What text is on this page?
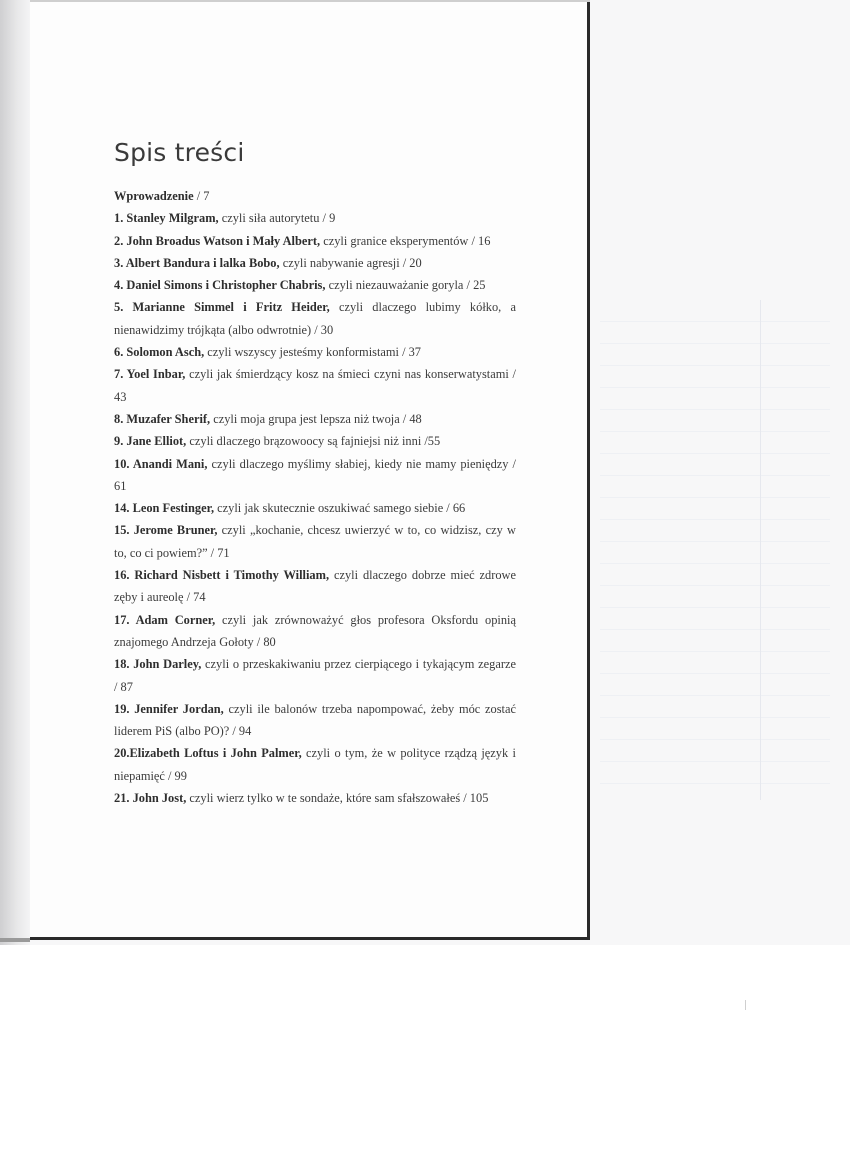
Spis treści
Wprowadzenie / 7
1. Stanley Milgram, czyli siła autorytetu / 9
2. John Broadus Watson i Mały Albert, czyli granice eksperymentów / 16
3. Albert Bandura i lalka Bobo, czyli nabywanie agresji / 20
4. Daniel Simons i Christopher Chabris, czyli niezauważanie goryla / 25
5. Marianne Simmel i Fritz Heider, czyli dlaczego lubimy kółko, a nienawidzimy trójkąta (albo odwrotnie) / 30
6. Solomon Asch, czyli wszyscy jesteśmy konformistami / 37
7. Yoel Inbar, czyli jak śmierdzący kosz na śmieci czyni nas konserwatystami / 43
8. Muzafer Sherif, czyli moja grupa jest lepsza niż twoja / 48
9. Jane Elliot, czyli dlaczego brązowoocy są fajniejsi niż inni /55
10. Anandi Mani, czyli dlaczego myślimy słabiej, kiedy nie mamy pieniędzy / 61
14. Leon Festinger, czyli jak skutecznie oszukiwać samego siebie / 66
15. Jerome Bruner, czyli „kochanie, chcesz uwierzyć w to, co widzisz, czy w to, co ci powiem?” / 71
16. Richard Nisbett i Timothy William, czyli dlaczego dobrze mieć zdrowe zęby i aureolę / 74
17. Adam Corner, czyli jak zrównoważyć głos profesora Oksfordu opinią znajomego Andrzeja Gołoty / 80
18. John Darley, czyli o przeskakiwaniu przez cierpiącego i tykającym zegarze / 87
19. Jennifer Jordan, czyli ile balonów trzeba napompować, żeby móc zostać liderem PiS (albo PO)? / 94
20.Elizabeth Loftus i John Palmer, czyli o tym, że w polityce rządzą język i niepamięć / 99
21. John Jost, czyli wierz tylko w te sondaże, które sam sfałszowałeś / 105
